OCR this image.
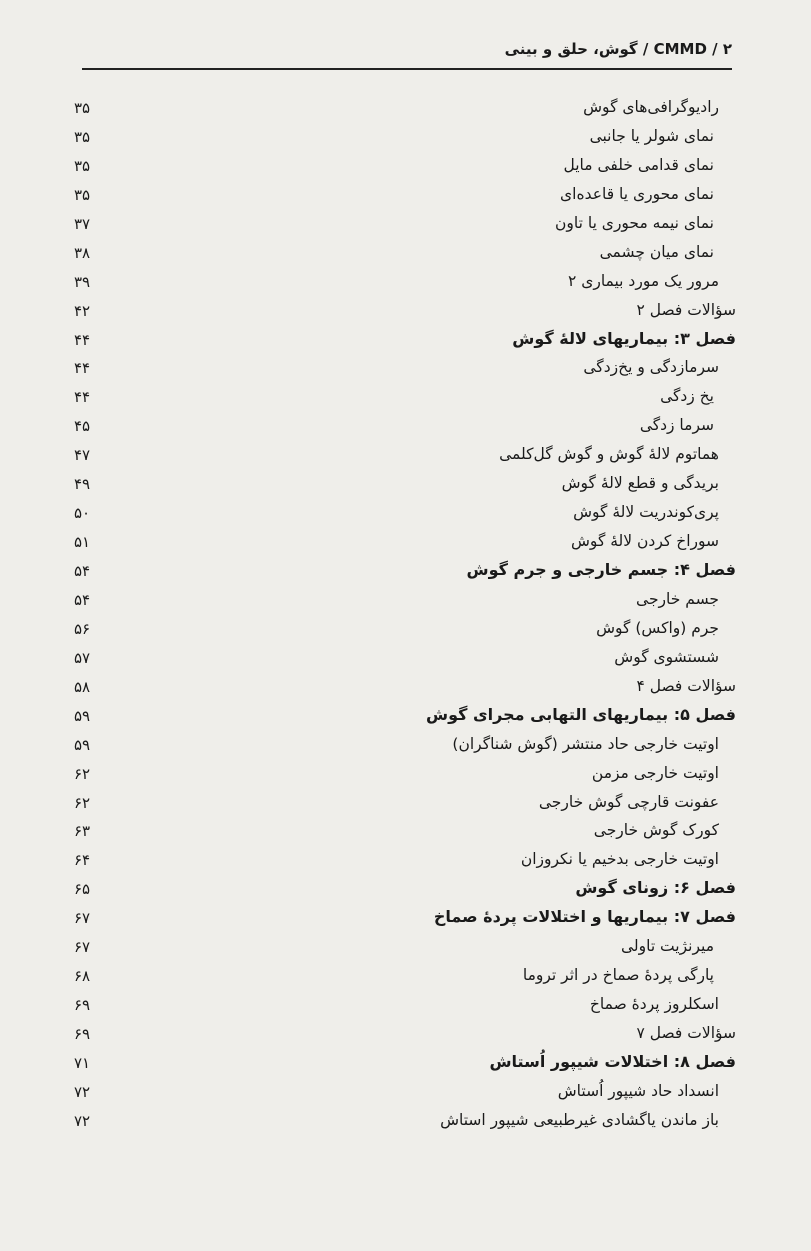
۲ / CMMD / گوش، حلق و بینی
رادیوگرافی‌های گوش
۳۵
نمای شولر یا جانبی
۳۵
نمای قدامی خلفی مایل
۳۵
نمای محوری یا قاعده‌ای
۳۵
نمای نیمه محوری یا تاون
۳۷
نمای میان چشمی
۳۸
مرور یک مورد بیماری ۲
۳۹
سؤالات فصل ۲
۴۲
فصل ۳: بیماریهای لالهٔ گوش
۴۴
سرمازدگی و یخ‌زدگی
۴۴
یخ زدگی
۴۴
سرما زدگی
۴۵
هماتوم لالهٔ گوش و گوش گل‌کلمی
۴۷
بریدگی و قطع لالهٔ گوش
۴۹
پری‌کوندریت لالهٔ گوش
۵۰
سوراخ کردن لالهٔ گوش
۵۱
فصل ۴: جسم خارجی و جرم گوش
۵۴
جسم خارجی
۵۴
جرم (واکس) گوش
۵۶
شستشوی گوش
۵۷
سؤالات فصل ۴
۵۸
فصل ۵: بیماریهای التهابی مجرای گوش
۵۹
اوتیت خارجی حاد منتشر (گوش شناگران)
۵۹
اوتیت خارجی مزمن
۶۲
عفونت قارچی گوش خارجی
۶۲
کورک گوش خارجی
۶۳
اوتیت خارجی بدخیم یا نکروزان
۶۴
فصل ۶: زونای گوش
۶۵
فصل ۷: بیماریها و اختلالات پردهٔ صماخ
۶۷
میرنژیت تاولی
۶۷
پارگی پردهٔ صماخ در اثر تروما
۶۸
اسکلروز پردهٔ صماخ
۶۹
سؤالات فصل ۷
۶۹
فصل ۸: اختلالات شیپور اُستاش
۷۱
انسداد حاد شیپور اُستاش
۷۲
باز ماندن یاگشادی غیرطبیعی شیپور استاش
۷۲
